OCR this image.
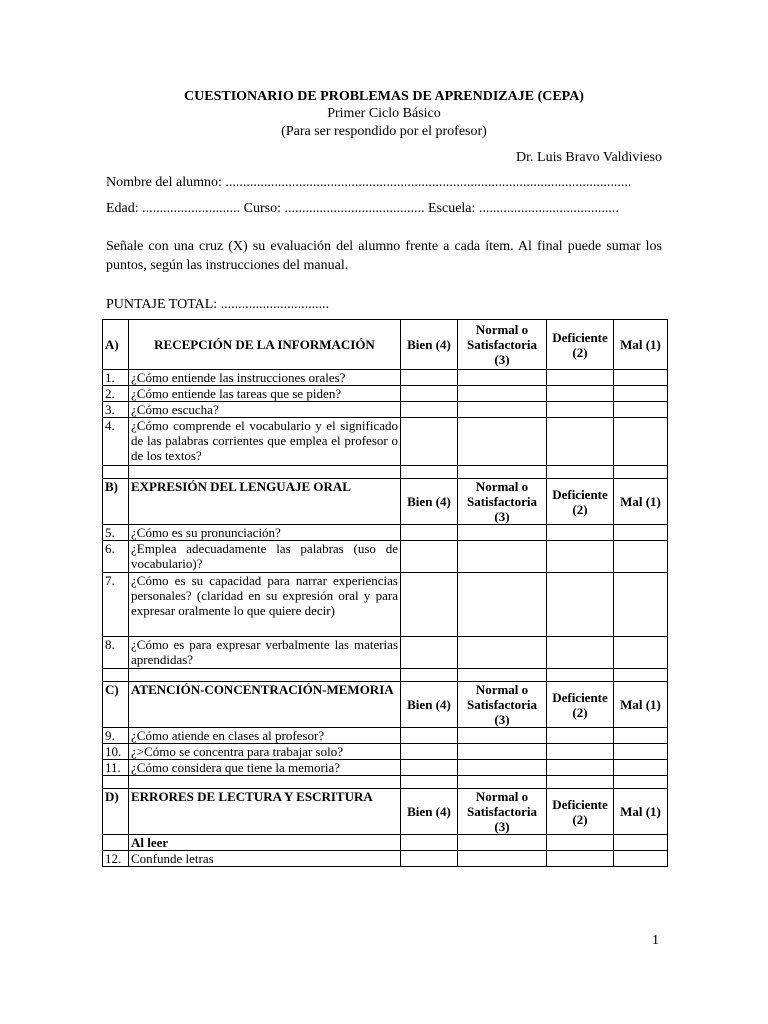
CUESTIONARIO DE PROBLEMAS DE APRENDIZAJE (CEPA)
Primer Ciclo Básico
(Para ser respondido por el profesor)
Dr. Luis Bravo Valdivieso
Nombre del alumno: ....................................................................................................................
Edad: ............................ Curso: ........................................ Escuela: ........................................
Señale con una cruz (X) su evaluación del alumno frente a cada ítem. Al final puede sumar los puntos, según las instrucciones del manual.
PUNTAJE TOTAL: ...............................
A)	RECEPCIÓN DE LA INFORMACIÓN	Bien (4)	Normal o Satisfactoria (3)	Deficiente (2)	Mal (1)
1.	¿Cómo entiende las instrucciones orales?				
2.	¿Cómo entiende las tareas que se piden?				
3.	¿Cómo escucha?				
4.	¿Cómo comprende el vocabulario y el significado de las palabras corrientes que emplea el profesor o de los textos?				

B)	EXPRESIÓN DEL LENGUAJE ORAL	Bien (4)	Normal o Satisfactoria (3)	Deficiente (2)	Mal (1)
5.	¿Cómo es su pronunciación?				
6.	¿Emplea adecuadamente las palabras (uso de vocabulario)?				
7.	¿Cómo es su capacidad para narrar experiencias personales? (claridad en su expresión oral y para expresar oralmente lo que quiere decir)				
8.	¿Cómo es para expresar verbalmente las materias aprendidas?				

C)	ATENCIÓN-CONCENTRACIÓN-MEMORIA	Bien (4)	Normal o Satisfactoria (3)	Deficiente (2)	Mal (1)
9.	¿Cómo atiende en clases al profesor?				
10.	¿>Cómo se concentra para trabajar solo?				
11.	¿Cómo considera que tiene la memoria?				

D)	ERRORES DE LECTURA Y ESCRITURA	Bien (4)	Normal o Satisfactoria (3)	Deficiente (2)	Mal (1)
	Al leer				
12.	Confunde letras				
1
